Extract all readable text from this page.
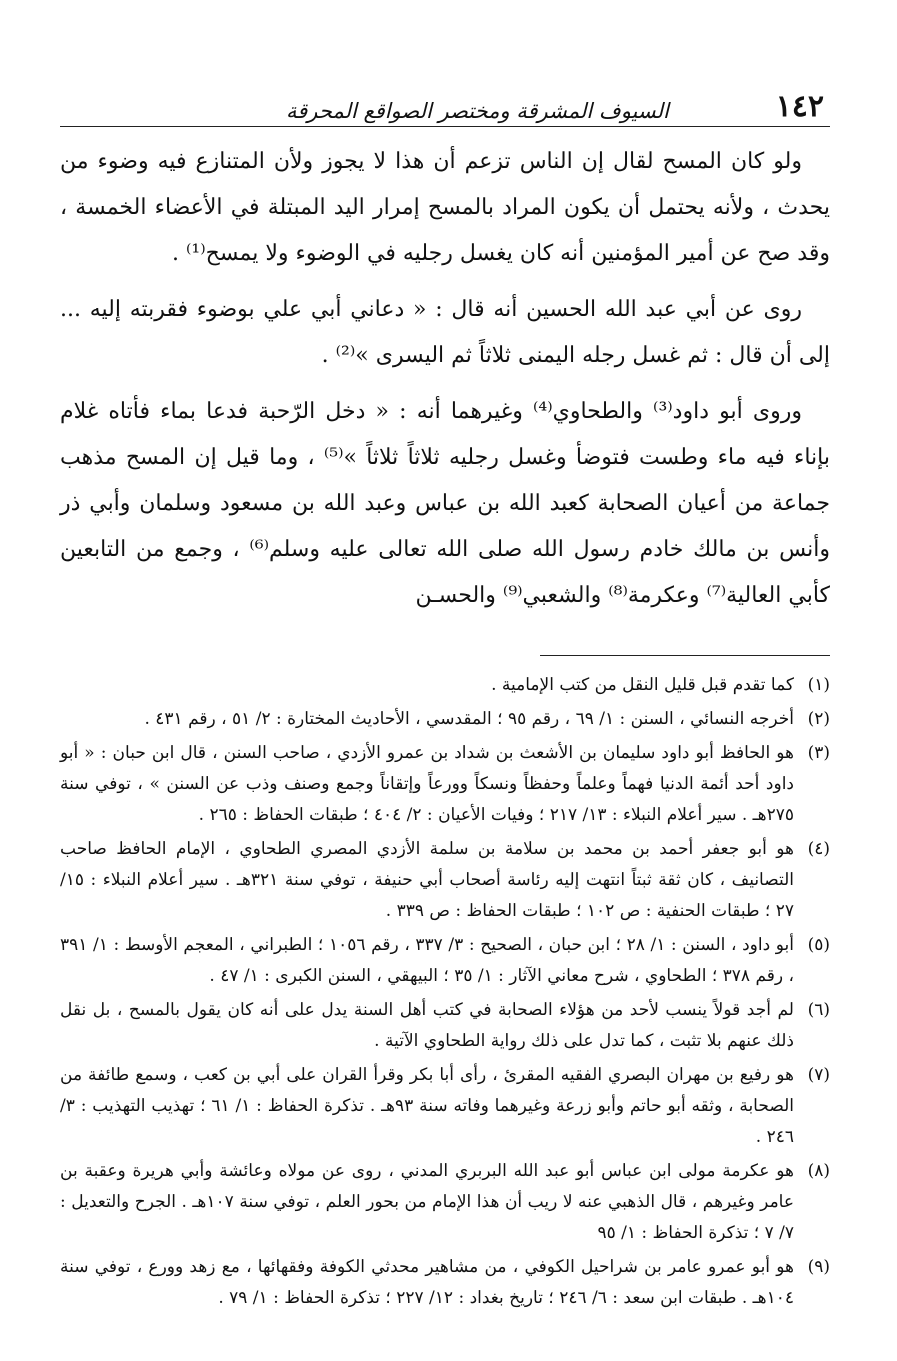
١٤٢
السيوف المشرقة ومختصر الصواقع المحرقة

ولو كان المسح لقال إن الناس تزعم أن هذا لا يجوز ولأن المتنازع فيه وضوء من يحدث ، ولأنه يحتمل أن يكون المراد بالمسح إمرار اليد المبتلة في الأعضاء الخمسة ، وقد صح عن أمير المؤمنين أنه كان يغسل رجليه في الوضوء ولا يمسح⁽¹⁾ .

روى عن أبي عبد الله الحسين أنه قال : « دعاني أبي علي بوضوء فقربته إليه ... إلى أن قال : ثم غسل رجله اليمنى ثلاثاً ثم اليسرى »⁽²⁾ .

وروى أبو داود⁽³⁾ والطحاوي⁽⁴⁾ وغيرهما أنه : « دخل الرّحبة فدعا بماء فأتاه غلام بإناء فيه ماء وطست فتوضأ وغسل رجليه ثلاثاً ثلاثاً »⁽⁵⁾ ، وما قيل إن المسح مذهب جماعة من أعيان الصحابة كعبد الله بن عباس وعبد الله بن مسعود وسلمان وأبي ذر وأنس بن مالك خادم رسول الله صلى الله تعالى عليه وسلم⁽⁶⁾ ، وجمع من التابعين كأبي العالية⁽⁷⁾ وعكرمة⁽⁸⁾ والشعبي⁽⁹⁾ والحسـن

(١)
كما تقدم قبل قليل النقل من كتب الإمامية .
(٢)
أخرجه النسائي ، السنن : ١/ ٦٩ ، رقم ٩٥ ؛ المقدسي ، الأحاديث المختارة : ٢/ ٥١ ، رقم ٤٣١ .
(٣)
هو الحافظ أبو داود سليمان بن الأشعث بن شداد بن عمرو الأزدي ، صاحب السنن ، قال ابن حبان : « أبو داود أحد أئمة الدنيا فهماً وعلماً وحفظاً ونسكاً وورعاً وإتقاناً وجمع وصنف وذب عن السنن » ، توفي سنة ٢٧٥هـ . سير أعلام النبلاء : ١٣/ ٢١٧ ؛ وفيات الأعيان : ٢/ ٤٠٤ ؛ طبقات الحفاظ : ٢٦٥ .
(٤)
هو أبو جعفر أحمد بن محمد بن سلامة بن سلمة الأزدي المصري الطحاوي ، الإمام الحافظ صاحب التصانيف ، كان ثقة ثبتاً انتهت إليه رئاسة أصحاب أبي حنيفة ، توفي سنة ٣٢١هـ . سير أعلام النبلاء : ١٥/ ٢٧ ؛ طبقات الحنفية : ص ١٠٢ ؛ طبقات الحفاظ : ص ٣٣٩ .
(٥)
أبو داود ، السنن : ١/ ٢٨ ؛ ابن حبان ، الصحيح : ٣/ ٣٣٧ ، رقم ١٠٥٦ ؛ الطبراني ، المعجم الأوسط : ١/ ٣٩١ ، رقم ٣٧٨ ؛ الطحاوي ، شرح معاني الآثار : ١/ ٣٥ ؛ البيهقي ، السنن الكبرى : ١/ ٤٧ .
(٦)
لم أجد قولاً ينسب لأحد من هؤلاء الصحابة في كتب أهل السنة يدل على أنه كان يقول بالمسح ، بل نقل ذلك عنهم بلا تثبت ، كما تدل على ذلك رواية الطحاوي الآتية .
(٧)
هو رفيع بن مهران البصري الفقيه المقرئ ، رأى أبا بكر وقرأ القران على أبي بن كعب ، وسمع طائفة من الصحابة ، وثقه أبو حاتم وأبو زرعة وغيرهما وفاته سنة ٩٣هـ . تذكرة الحفاظ : ١/ ٦١ ؛ تهذيب التهذيب : ٣/ ٢٤٦ .
(٨)
هو عكرمة مولى ابن عباس أبو عبد الله البربري المدني ، روى عن مولاه وعائشة وأبي هريرة وعقبة بن عامر وغيرهم ، قال الذهبي عنه لا ريب أن هذا الإمام من بحور العلم ، توفي سنة ١٠٧هـ . الجرح والتعديل : ٧/ ٧ ؛ تذكرة الحفاظ : ١/ ٩٥
(٩)
هو أبو عمرو عامر بن شراحيل الكوفي ، من مشاهير محدثي الكوفة وفقهائها ، مع زهد وورع ، توفي سنة ١٠٤هـ . طبقات ابن سعد : ٦/ ٢٤٦ ؛ تاريخ بغداد : ١٢/ ٢٢٧ ؛ تذكرة الحفاظ : ١/ ٧٩ .
